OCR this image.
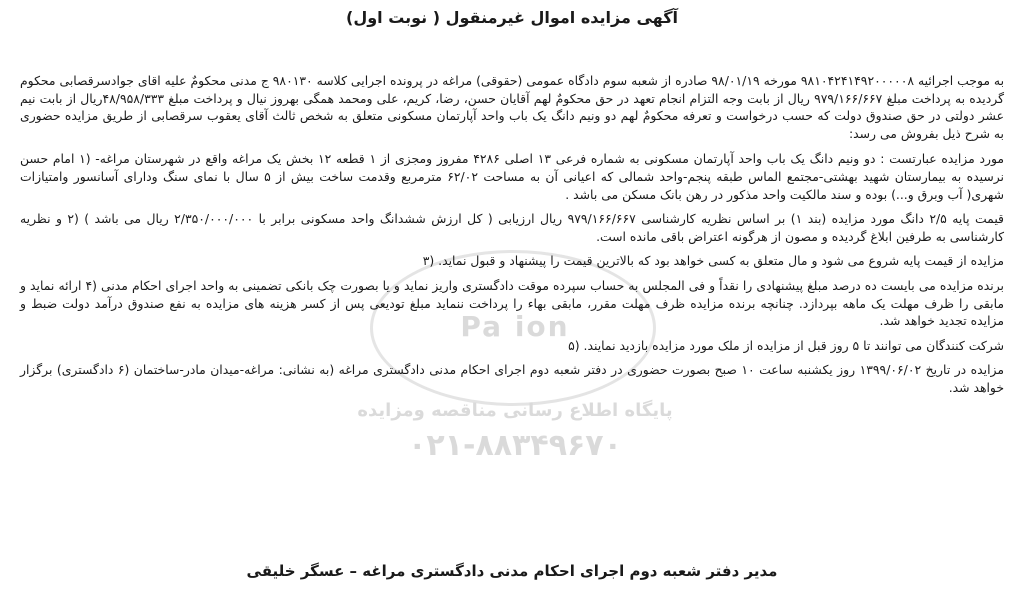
Pa ion
پایگاه اطلاع رسانی مناقصه ومزایده
۰۲۱-۸۸۳۴۹۶۷۰
آگهی مزایده اموال غیرمنقول ( نوبت اول)

به موجب اجرائیه ۹۸۱۰۴۲۴۱۴۹۲۰۰۰۰۰۸ مورخه ۹۸/۰۱/۱۹ صادره از شعبه سوم دادگاه عمومی (حقوقی) مراغه در پرونده اجرایی کلاسه ۹۸۰۱۳۰ ج مدنی محکومٌ علیه اقای جوادسرقصابی محکوم گردیده به پرداخت مبلغ ۹۷۹/۱۶۶/۶۶۷ ریال از بابت وجه التزام انجام تعهد در حق محکومٌ لهم آقایان حسن، رضا، کریم، علی ومحمد همگی بهروز نیال و پرداخت مبلغ ۴۸/۹۵۸/۳۳۳ریال از بابت نیم عشر دولتی در حق صندوق دولت که حسب درخواست و تعرفه محکومٌ لهم دو ونیم دانگ یک باب واحد آپارتمان مسکونی متعلق به شخص ثالث آقای یعقوب سرقصابی از طریق مزایده حضوری به شرح ذیل بفروش می رسد:

مورد مزایده عبارتست : دو ونیم دانگ یک باب واحد آپارتمان مسکونی به شماره فرعی ۱۳ اصلی ۴۲۸۶ مفروز ومجزی از ۱ قطعه ۱۲ بخش یک مراغه واقع در شهرستان مراغه- (۱ امام حسن نرسیده به بیمارستان شهید بهشتی-مجتمع الماس طبقه پنجم-واحد شمالی که اعیانی آن به مساحت ۶۲/۰۲ مترمربع وقدمت ساخت بیش از ۵ سال با نمای سنگ ودارای آسانسور وامتیازات شهری( آب وبرق و...) بوده و سند مالکیت واحد مذکور در رهن بانک مسکن می باشد .

قیمت پایه ۲/۵ دانگ مورد مزایده (بند ۱) بر اساس نظریه کارشناسی ۹۷۹/۱۶۶/۶۶۷ ریال ارزیابی ( کل ارزش ششدانگ واحد مسکونی برابر با ۲/۳۵۰/۰۰۰/۰۰۰ ریال می باشد ) (۲ و نظریه کارشناسی به طرفین ابلاغ گردیده و مصون از هرگونه اعتراض باقی مانده است.

مزایده از قیمت پایه شروع می شود و مال متعلق به کسی خواهد بود که بالاترین قیمت را پیشنهاد و قبول نماید. (۳

برنده مزایده می بایست ده درصد مبلغ پیشنهادی را نقداً و فی المجلس به حساب سپرده موقت دادگستری واریز نماید و یا بصورت چک بانکی تضمینی به واحد اجرای احکام مدنی (۴ ارائه نماید و مابقی را ظرف مهلت یک ماهه بپردازد. چنانچه برنده مزایده ظرف مهلت مقرر، مابقی بهاء را پرداخت ننماید مبلغ تودیعی پس از کسر هزینه های مزایده به نفع صندوق درآمد دولت ضبط و مزایده تجدید خواهد شد.

شرکت کنندگان می توانند تا ۵ روز قبل از مزایده از ملک مورد مزایده بازدید نمایند. (۵

مزایده در تاریخ ۱۳۹۹/۰۶/۰۲ روز یکشنبه ساعت ۱۰ صبح بصورت حضوری در دفتر شعبه دوم اجرای احکام مدنی دادگستری مراغه (به نشانی: مراغه-میدان مادر-ساختمان (۶ دادگستری) برگزار خواهد شد.

مدیر دفتر شعبه دوم اجرای احکام مدنی دادگستری مراغه – عسگر خلیقی
